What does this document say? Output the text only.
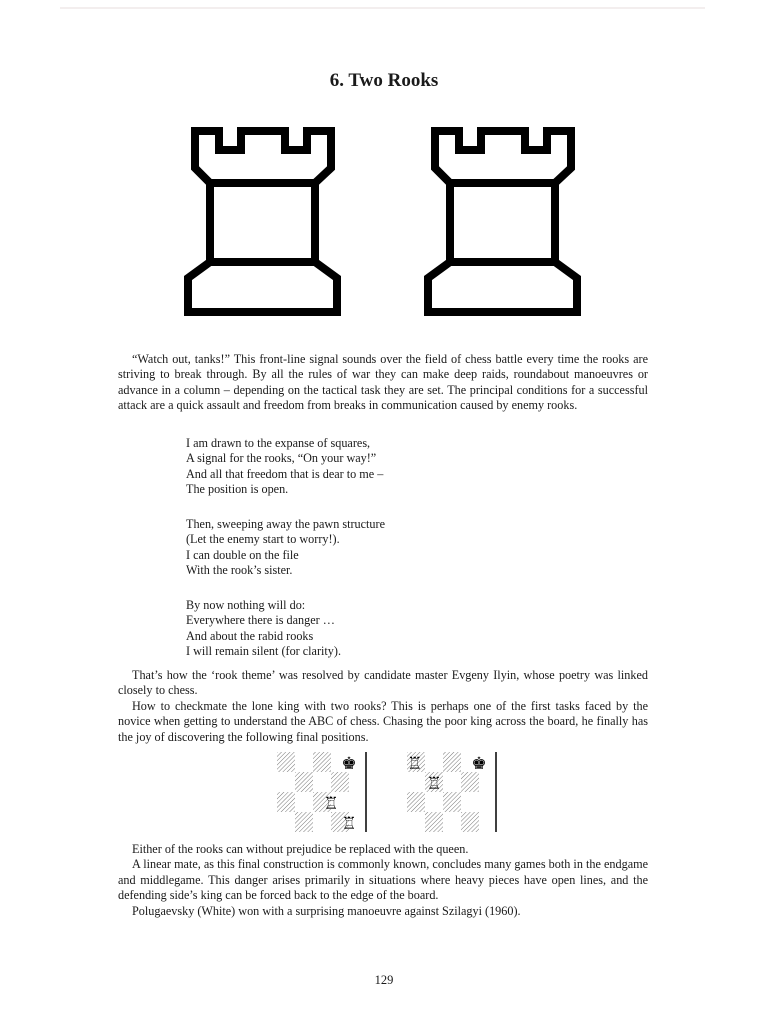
6. Two Rooks

“Watch out, tanks!” This front-line signal sounds over the field of chess battle every time the rooks are striving to break through. By all the rules of war they can make deep raids, roundabout manoeuvres or advance in a column – depending on the tactical task they are set. The principal conditions for a successful attack are a quick assault and freedom from breaks in communication caused by enemy rooks.

I am drawn to the expanse of squares,
A signal for the rooks, “On your way!”
And all that freedom that is dear to me –
The position is open.
Then, sweeping away the pawn structure
(Let the enemy start to worry!).
I can double on the file
With the rook’s sister.
By now nothing will do:
Everywhere there is danger …
And about the rabid rooks
I will remain silent (for clarity).

That’s how the ‘rook theme’ was resolved by candidate master Evgeny Ilyin, whose poetry was linked closely to chess.

How to checkmate the lone king with two rooks? This is perhaps one of the first tasks faced by the novice when getting to understand the ABC of chess. Chasing the poor king across the board, he finally has the joy of discovering the following final positions.

♚
♖
♖
♚
♖
♖

Either of the rooks can without prejudice be replaced with the queen.

A linear mate, as this final construction is commonly known, concludes many games both in the endgame and middlegame. This danger arises primarily in situations where heavy pieces have open lines, and the defending side’s king can be forced back to the edge of the board.

Polugaevsky (White) won with a surprising manoeuvre against Szilagyi (1960).

129
